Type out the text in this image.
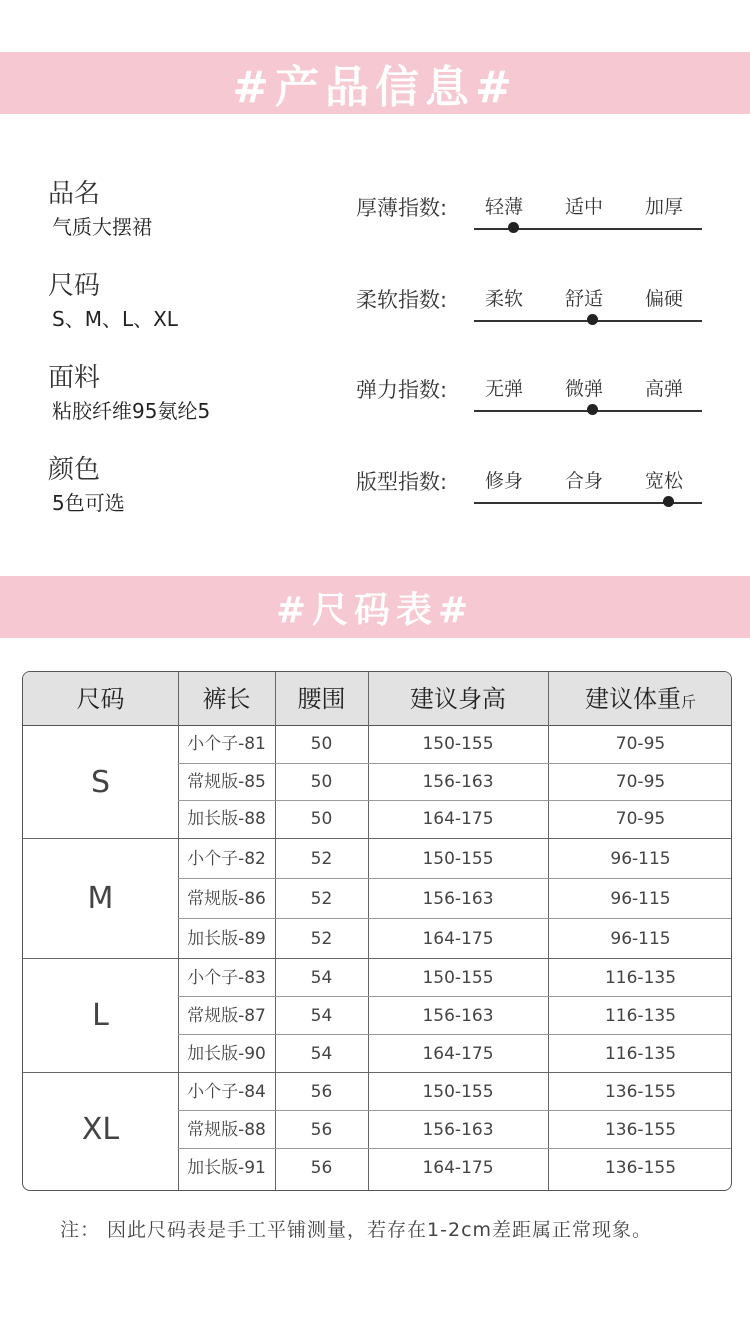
#产品信息#
品名
气质大摆裙
尺码
S、M、L、XL
面料
粘胶纤维95氨纶5
颜色
5色可选
厚薄指数:	轻薄	适中	加厚
柔软指数:	柔软	舒适	偏硬
弹力指数:	无弹	微弹	高弹
版型指数:	修身	合身	宽松
#尺码表#
尺码	裤长	腰围	建议身高	建议体重斤
S
小个子-81	50	150-155	70-95
常规版-85	50	156-163	70-95
加长版-88	50	164-175	70-95
M
小个子-82	52	150-155	96-115
常规版-86	52	156-163	96-115
加长版-89	52	164-175	96-115
L
小个子-83	54	150-155	116-135
常规版-87	54	156-163	116-135
加长版-90	54	164-175	116-135
XL
小个子-84	56	150-155	136-155
常规版-88	56	156-163	136-155
加长版-91	56	164-175	136-155
注： 因此尺码表是手工平铺测量，若存在1-2cm差距属正常现象。
